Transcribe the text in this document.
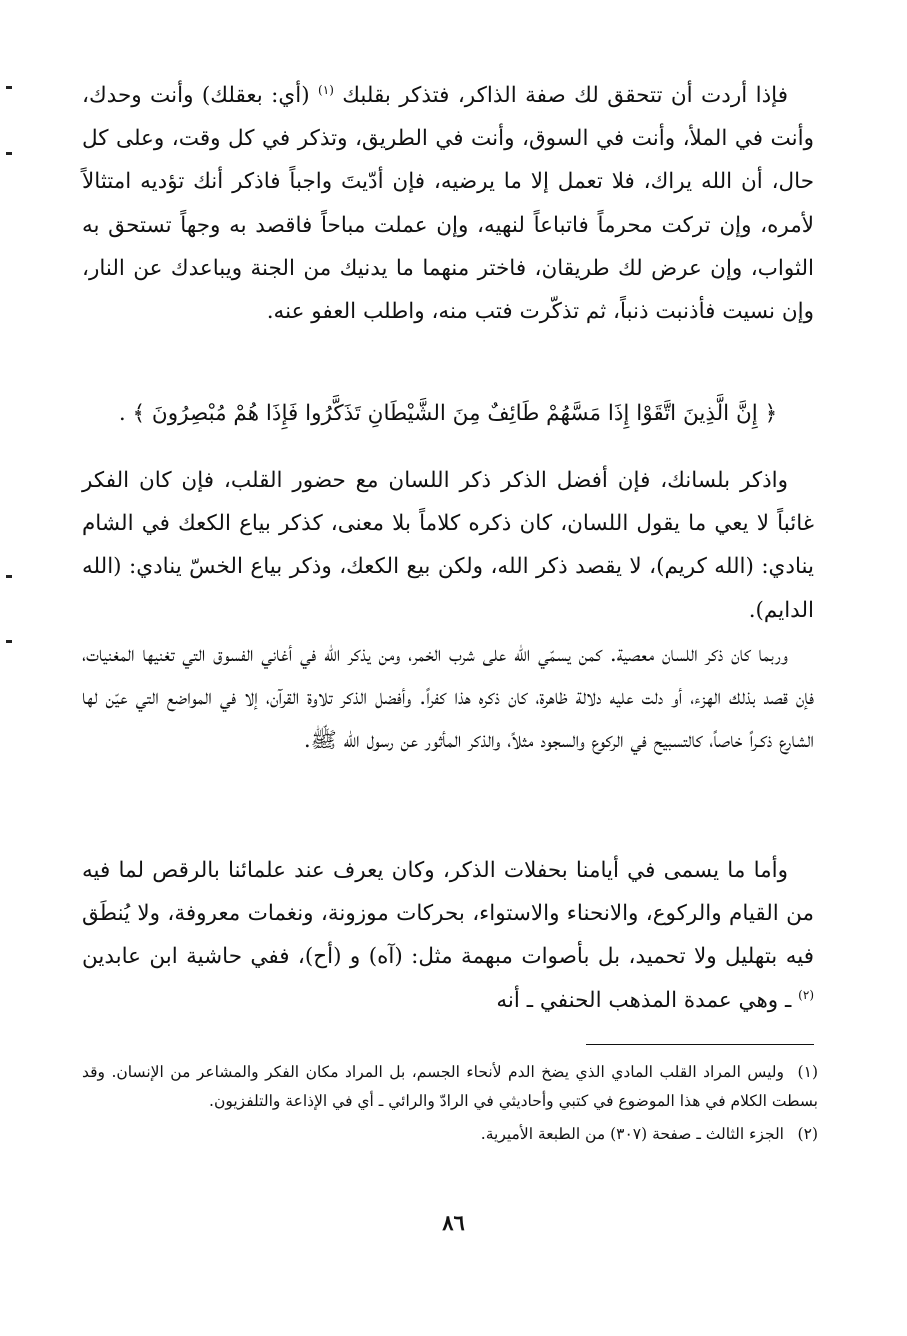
فإذا أردت أن تتحقق لك صفة الذاكر، فتذكر بقلبك $^{(١)}$ (أي: بعقلك) وأنت وحدك، وأنت في الملأ، وأنت في السوق، وأنت في الطريق، وتذكر في كل وقت، وعلى كل حال، أن الله يراك، فلا تعمل إلا ما يرضيه، فإن أدّيتَ واجباً فاذكر أنك تؤديه امتثالاً لأمره، وإن تركت محرماً فاتباعاً لنهيه، وإن عملت مباحاً فاقصد به وجهاً تستحق به الثواب، وإن عرض لك طريقان، فاختر منهما ما يدنيك من الجنة ويباعدك عن النار، وإن نسيت فأذنبت ذنباً، ثم تذكّرت فتب منه، واطلب العفو عنه.
﴿ إِنَّ الَّذِينَ اتَّقَوْا إِذَا مَسَّهُمْ طَائِفٌ مِنَ الشَّيْطَانِ تَذَكَّرُوا فَإِذَا هُمْ مُبْصِرُونَ ﴾ .
واذكر بلسانك، فإن أفضل الذكر ذكر اللسان مع حضور القلب، فإن كان الفكر غائباً لا يعي ما يقول اللسان، كان ذكره كلاماً بلا معنى، كذكر بياع الكعك في الشام ينادي: (الله كريم)، لا يقصد ذكر الله، ولكن بيع الكعك، وذكر بياع الخسّ ينادي: (الله الدايم).
وربما كان ذكر اللسان معصية. كمن يسمّي الله على شرب الخمر، ومن يذكر الله في أغاني الفسوق التي تغنيها المغنيات، فإن قصد بذلك الهزء، أو دلت عليه دلالة ظاهرة، كان ذكره هذا كفراً. وأفضل الذكر تلاوة القرآن، إلا في المواضع التي عيّن لها الشارع ذكـراً خاصاً، كالتسبيح في الركوع والسجود مثلاً، والذكر المأثور عن رسول الله ﷺ.
وأما ما يسمى في أيامنا بحفلات الذكر، وكان يعرف عند علمائنا بالرقص لما فيه من القيام والركوع، والانحناء والاستواء، بحركات موزونة، ونغمات معروفة، ولا يُنطَق فيه بتهليل ولا تحميد، بل بأصوات مبهمة مثل: (آه) و (أح)، ففي حاشية ابن عابدين $^{(٢)}$ ـ وهي عمدة المذهب الحنفي ـ أنه
(١)وليس المراد القلب المادي الذي يضخ الدم لأنحاء الجسم، بل المراد مكان الفكر والمشاعر من الإنسان. وقد بسطت الكلام في هذا الموضوع في كتبي وأحاديثي في الرادّ والرائي ـ أي في الإذاعة والتلفزيون.
(٢)الجزء الثالث ـ صفحة (٣٠٧) من الطبعة الأميرية.
٨٦
